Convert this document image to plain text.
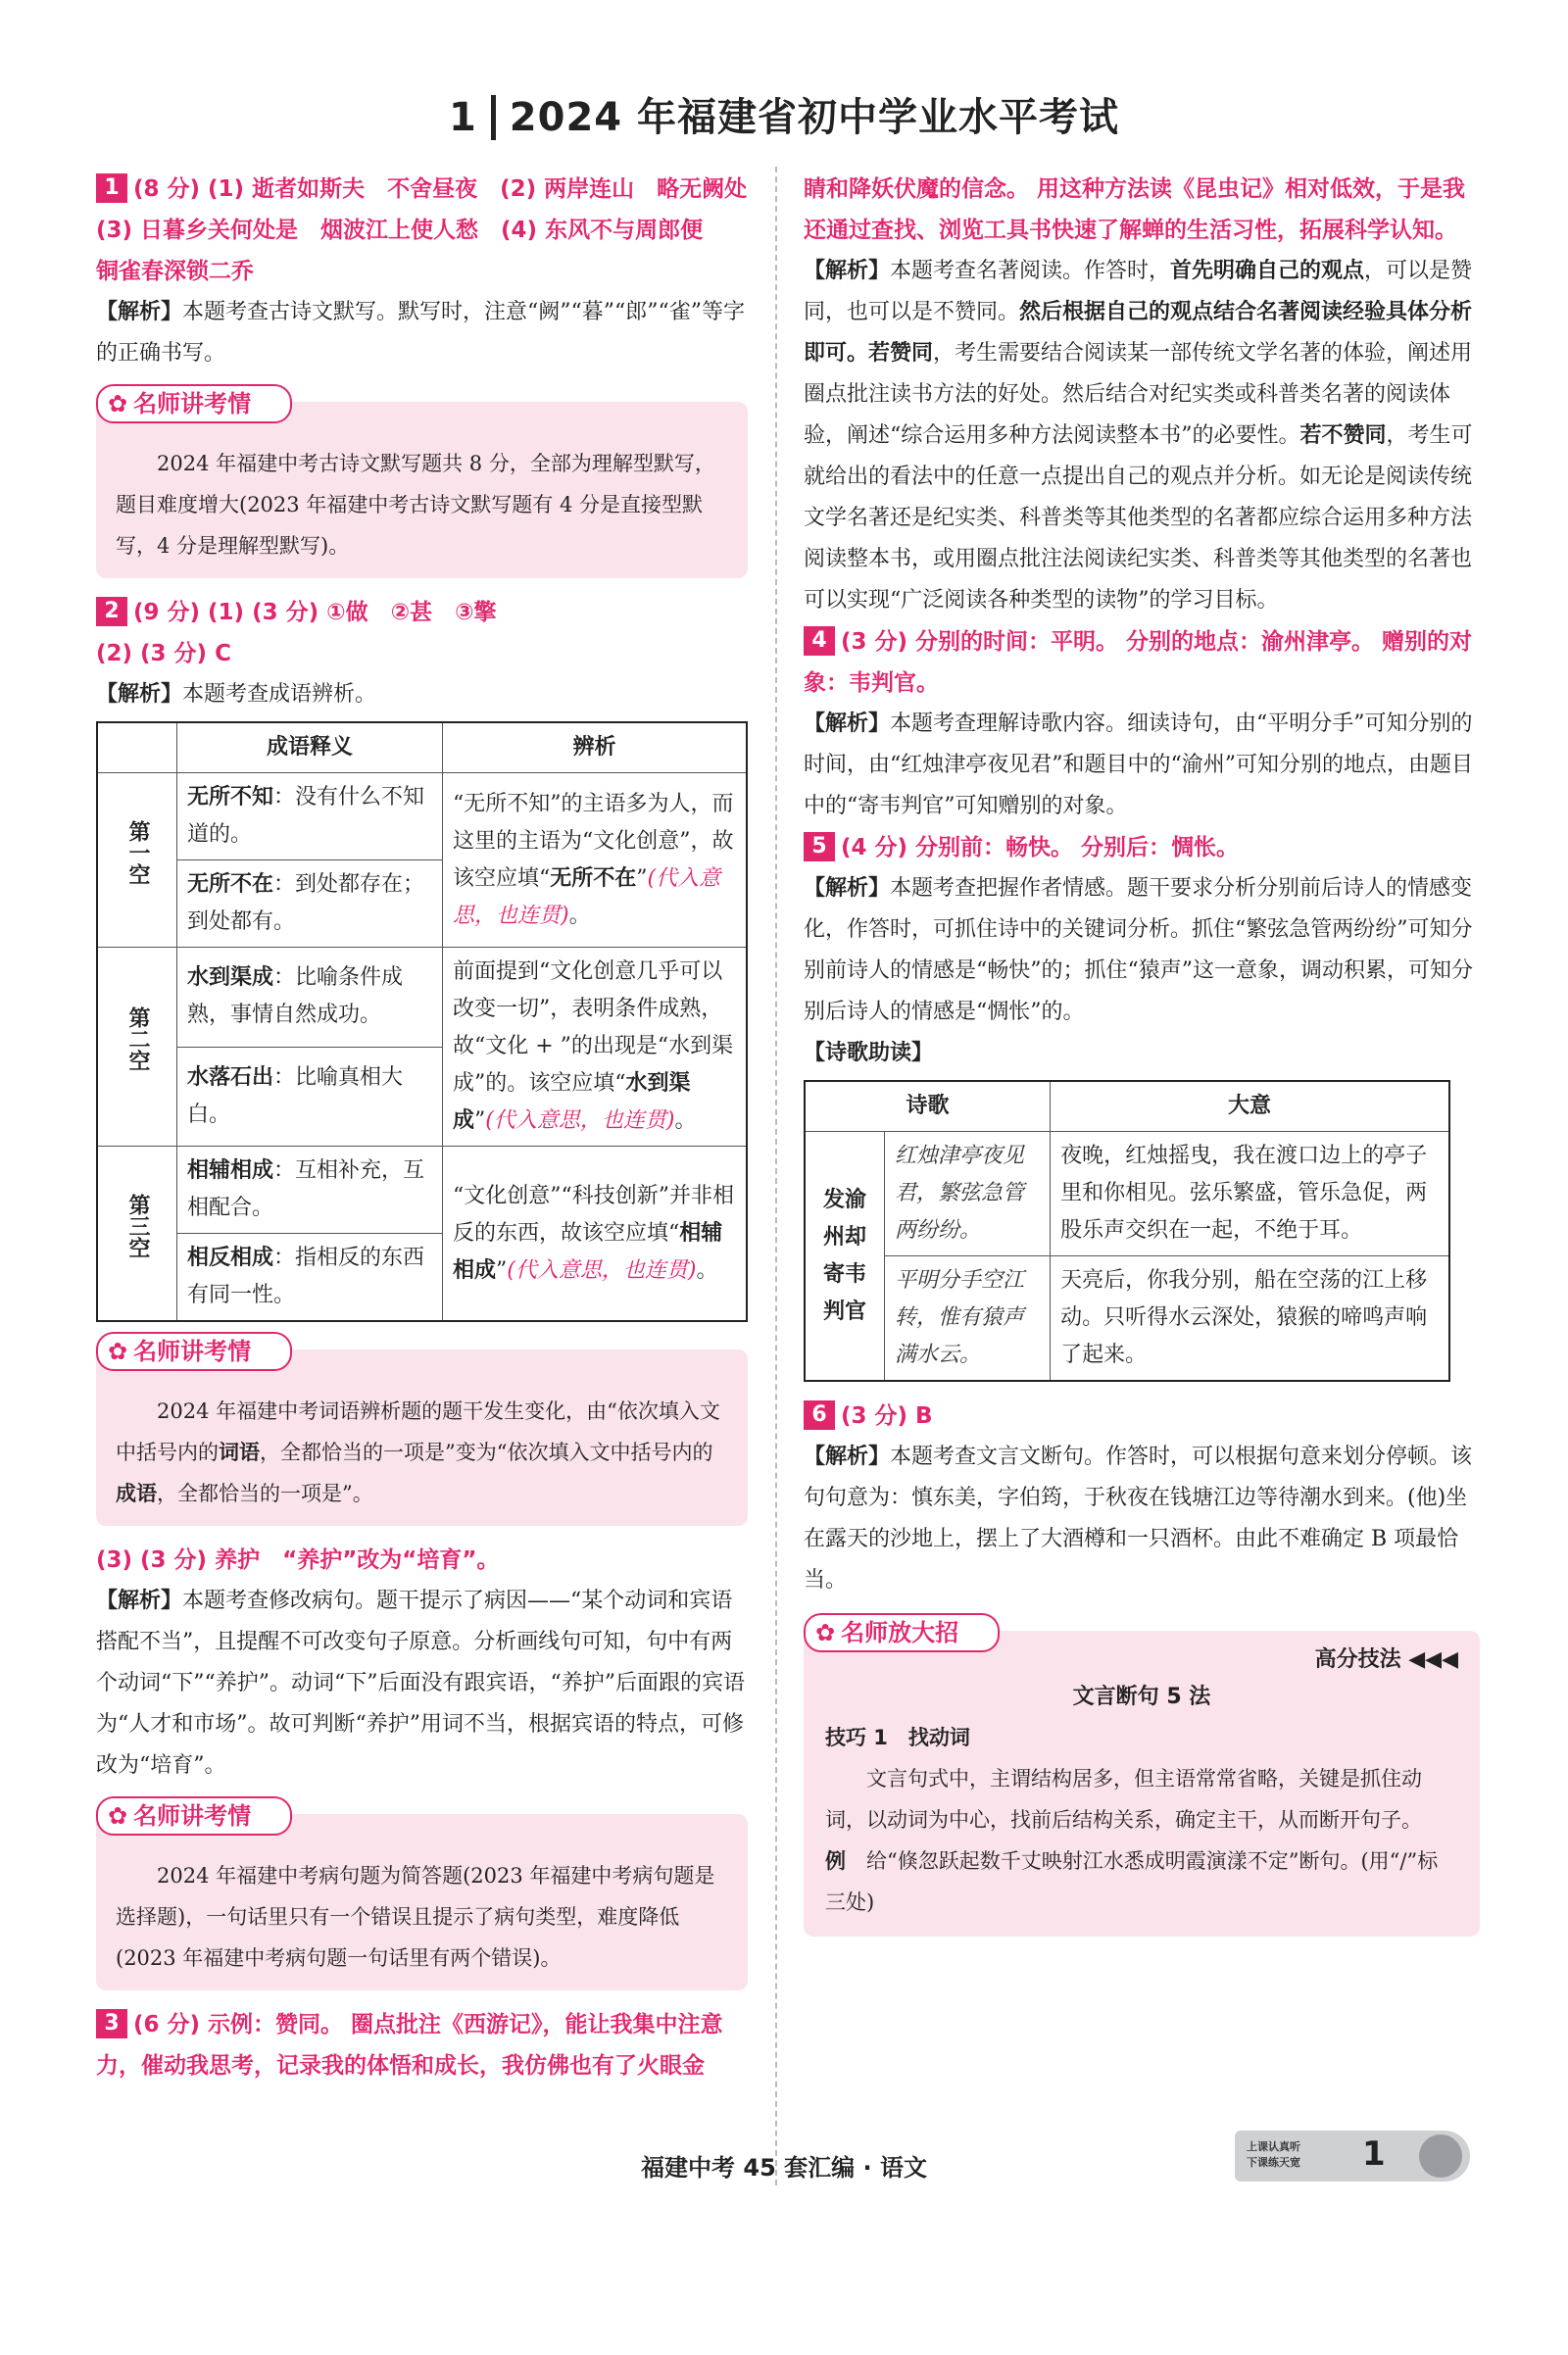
1 2024 年福建省初中学业水平考试

1 (8 分) (1) 逝者如斯夫　不舍昼夜　(2) 两岸连山　略无阙处　(3) 日暮乡关何处是　烟波江上使人愁　(4) 东风不与周郎便　铜雀春深锁二乔

【解析】本题考查古诗文默写。默写时，注意“阙”“暮”“郎”“雀”等字的正确书写。

✿ 名师讲考情

2024 年福建中考古诗文默写题共 8 分，全部为理解型默写，题目难度增大(2023 年福建中考古诗文默写题有 4 分是直接型默写，4 分是理解型默写)。

2 (9 分) (1) (3 分) ①做　②甚　③擎

(2) (3 分) C

【解析】本题考查成语辨析。

	成语释义	辨析
第一空	无所不知：没有什么不知道的。	“无所不知”的主语多为人，而这里的主语为“文化创意”，故该空应填“无所不在”(代入意思，也连贯)。
	无所不在：到处都存在；到处都有。	
第二空	水到渠成：比喻条件成熟，事情自然成功。	前面提到“文化创意几乎可以改变一切”，表明条件成熟，故“文化 + ”的出现是“水到渠成”的。该空应填“水到渠成”(代入意思，也连贯)。
	水落石出：比喻真相大白。	
第三空	相辅相成：互相补充，互相配合。	“文化创意”“科技创新”并非相反的东西，故该空应填“相辅相成”(代入意思，也连贯)。
	相反相成：指相反的东西有同一性。	
✿ 名师讲考情

2024 年福建中考词语辨析题的题干发生变化，由“依次填入文中括号内的词语，全都恰当的一项是”变为“依次填入文中括号内的成语，全都恰当的一项是”。

(3) (3 分) 养护　“养护”改为“培育”。

【解析】本题考查修改病句。题干提示了病因——“某个动词和宾语搭配不当”，且提醒不可改变句子原意。分析画线句可知，句中有两个动词“下”“养护”。动词“下”后面没有跟宾语，“养护”后面跟的宾语为“人才和市场”。故可判断“养护”用词不当，根据宾语的特点，可修改为“培育”。

✿ 名师讲考情

2024 年福建中考病句题为简答题(2023 年福建中考病句题是选择题)，一句话里只有一个错误且提示了病句类型，难度降低(2023 年福建中考病句题一句话里有两个错误)。

3 (6 分) 示例：赞同。 圈点批注《西游记》，能让我集中注意力，催动我思考，记录我的体悟和成长，我仿佛也有了火眼金

睛和降妖伏魔的信念。 用这种方法读《昆虫记》相对低效，于是我还通过查找、浏览工具书快速了解蝉的生活习性，拓展科学认知。

【解析】本题考查名著阅读。作答时，首先明确自己的观点，可以是赞同，也可以是不赞同。然后根据自己的观点结合名著阅读经验具体分析即可。若赞同，考生需要结合阅读某一部传统文学名著的体验，阐述用圈点批注读书方法的好处。然后结合对纪实类或科普类名著的阅读体验，阐述“综合运用多种方法阅读整本书”的必要性。若不赞同，考生可就给出的看法中的任意一点提出自己的观点并分析。如无论是阅读传统文学名著还是纪实类、科普类等其他类型的名著都应综合运用多种方法阅读整本书，或用圈点批注法阅读纪实类、科普类等其他类型的名著也可以实现“广泛阅读各种类型的读物”的学习目标。

4 (3 分) 分别的时间：平明。 分别的地点：渝州津亭。 赠别的对象：韦判官。

【解析】本题考查理解诗歌内容。细读诗句，由“平明分手”可知分别的时间，由“红烛津亭夜见君”和题目中的“渝州”可知分别的地点，由题目中的“寄韦判官”可知赠别的对象。

5 (4 分) 分别前：畅快。 分别后：惆怅。

【解析】本题考查把握作者情感。题干要求分析分别前后诗人的情感变化，作答时，可抓住诗中的关键词分析。抓住“繁弦急管两纷纷”可知分别前诗人的情感是“畅快”的；抓住“猿声”这一意象，调动积累，可知分别后诗人的情感是“惆怅”的。

【诗歌助读】

诗歌		大意
发渝州却寄韦判官	红烛津亭夜见君，繁弦急管两纷纷。	夜晚，红烛摇曳，我在渡口边上的亭子里和你相见。弦乐繁盛，管乐急促，两股乐声交织在一起，不绝于耳。
	平明分手空江转，惟有猿声满水云。	天亮后，你我分别，船在空荡的江上移动。只听得水云深处，猿猴的啼鸣声响了起来。

6 (3 分) B

【解析】本题考查文言文断句。作答时，可以根据句意来划分停顿。该句句意为：慎东美，字伯筠，于秋夜在钱塘江边等待潮水到来。(他)坐在露天的沙地上，摆上了大酒樽和一只酒杯。由此不难确定 B 项最恰当。

✿ 名师放大招
高分技法 ◀◀◀
文言断句 5 法

技巧 1　找动词

文言句式中，主谓结构居多，但主语常常省略，关键是抓住动词，以动词为中心，找前后结构关系，确定主干，从而断开句子。

例　 给“倏忽跃起数千丈映射江水悉成明霞演漾不定”断句。(用“/”标三处)

福建中考 45 套汇编 · 语文
上课认真听
下课练天宽 1
